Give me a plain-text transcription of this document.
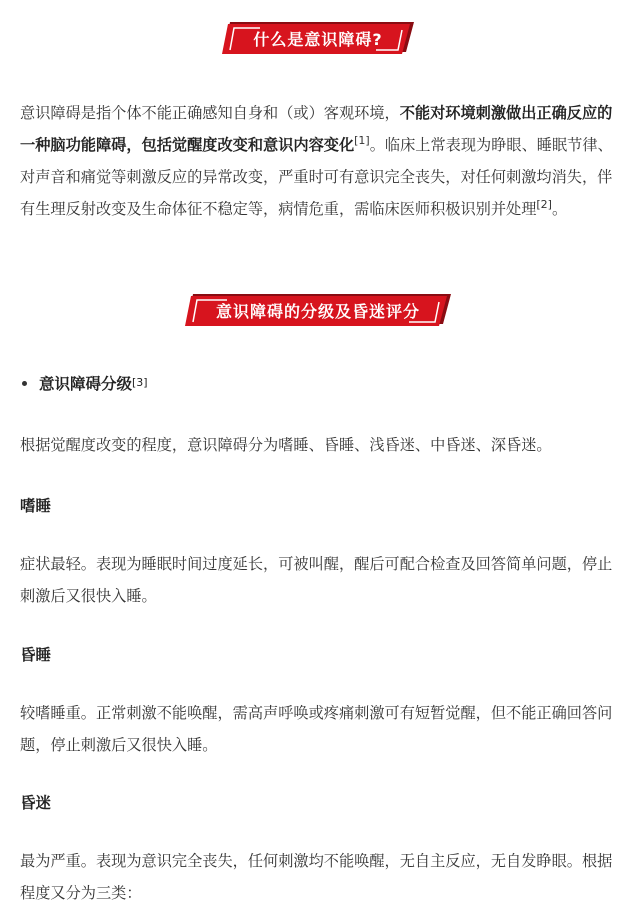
什么是意识障碍?

意识障碍是指个体不能正确感知自身和（或）客观环境，不能对环境刺激做出正确反应的一种脑功能障碍，包括觉醒度改变和意识内容变化[1]。临床上常表现为睁眼、睡眠节律、对声音和痛觉等刺激反应的异常改变，严重时可有意识完全丧失，对任何刺激均消失，伴有生理反射改变及生命体征不稳定等，病情危重，需临床医师积极识别并处理[2]。

意识障碍的分级及昏迷评分
意识障碍分级 [3]

根据觉醒度改变的程度，意识障碍分为嗜睡、昏睡、浅昏迷、中昏迷、深昏迷。

嗜睡

症状最轻。表现为睡眠时间过度延长，可被叫醒，醒后可配合检查及回答简单问题，停止刺激后又很快入睡。

昏睡

较嗜睡重。正常刺激不能唤醒，需高声呼唤或疼痛刺激可有短暂觉醒，但不能正确回答问题，停止刺激后又很快入睡。

昏迷

最为严重。表现为意识完全丧失，任何刺激均不能唤醒，无自主反应，无自发睁眼。根据程度又分为三类：
